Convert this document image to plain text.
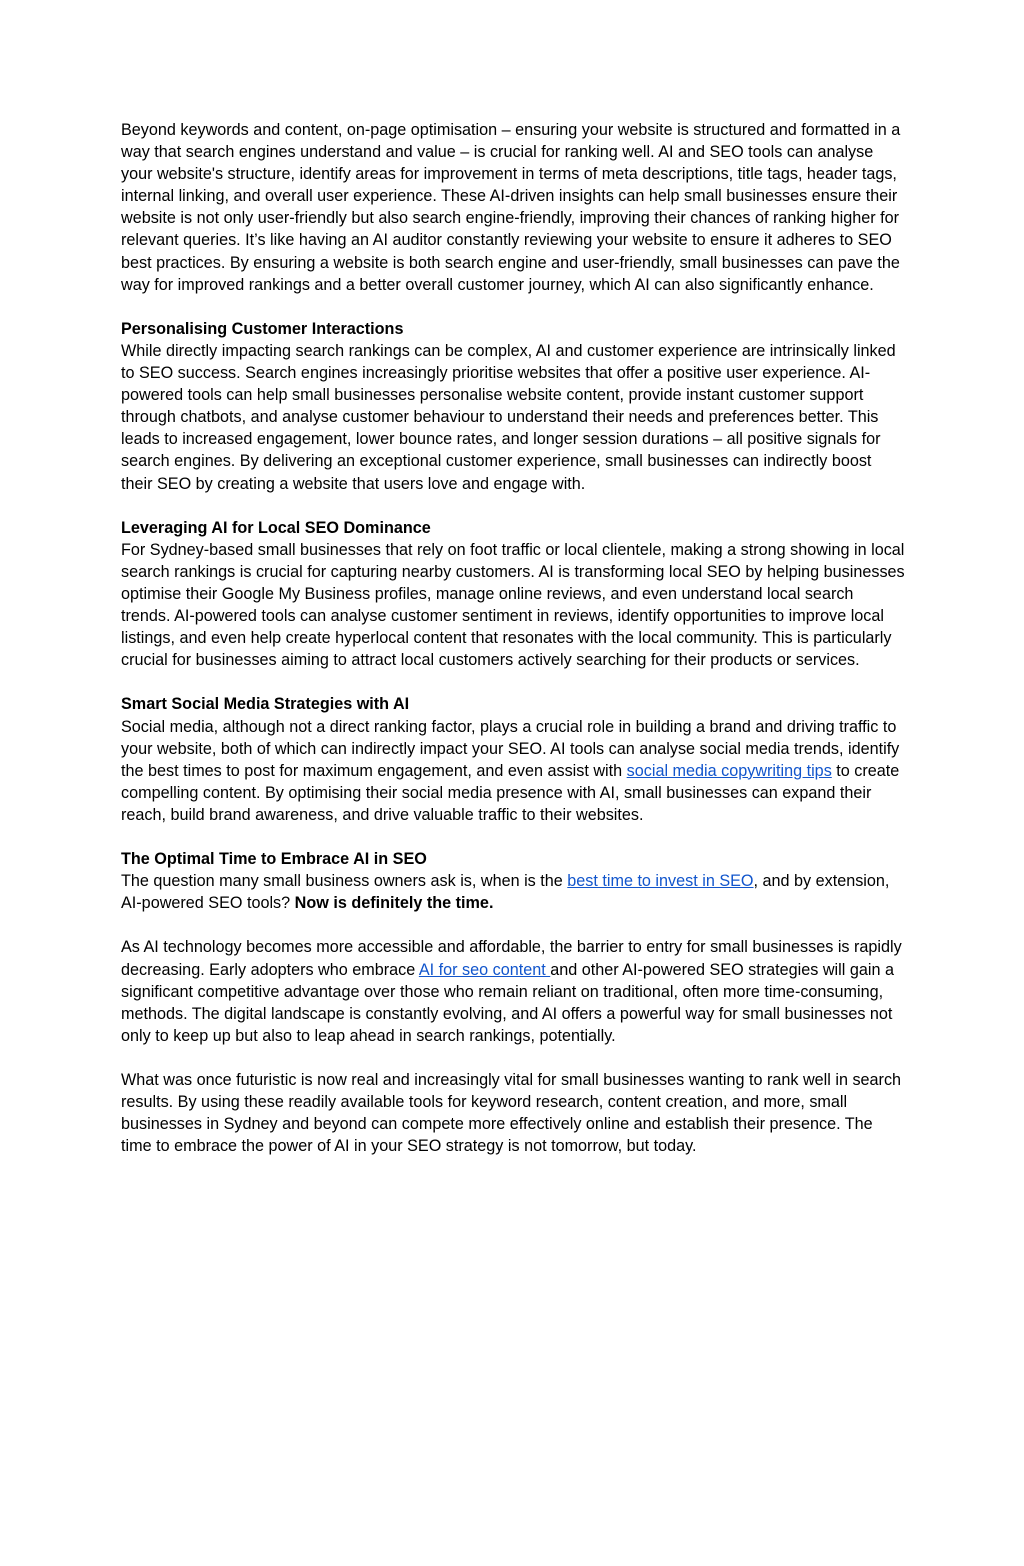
Beyond keywords and content, on-page optimisation – ensuring your website is structured and formatted in a way that search engines understand and value – is crucial for ranking well. AI and SEO tools can analyse your website's structure, identify areas for improvement in terms of meta descriptions, title tags, header tags, internal linking, and overall user experience. These AI-driven insights can help small businesses ensure their website is not only user-friendly but also search engine-friendly, improving their chances of ranking higher for relevant queries. It’s like having an AI auditor constantly reviewing your website to ensure it adheres to SEO best practices. By ensuring a website is both search engine and user-friendly, small businesses can pave the way for improved rankings and a better overall customer journey, which AI can also significantly enhance.

Personalising Customer Interactions

While directly impacting search rankings can be complex, AI and customer experience are intrinsically linked to SEO success. Search engines increasingly prioritise websites that offer a positive user experience. AI-powered tools can help small businesses personalise website content, provide instant customer support through chatbots, and analyse customer behaviour to understand their needs and preferences better. This leads to increased engagement, lower bounce rates, and longer session durations – all positive signals for search engines. By delivering an exceptional customer experience, small businesses can indirectly boost their SEO by creating a website that users love and engage with.

Leveraging AI for Local SEO Dominance

For Sydney-based small businesses that rely on foot traffic or local clientele, making a strong showing in local search rankings is crucial for capturing nearby customers. AI is transforming local SEO by helping businesses optimise their Google My Business profiles, manage online reviews, and even understand local search trends. AI-powered tools can analyse customer sentiment in reviews, identify opportunities to improve local listings, and even help create hyperlocal content that resonates with the local community. This is particularly crucial for businesses aiming to attract local customers actively searching for their products or services.

Smart Social Media Strategies with AI

Social media, although not a direct ranking factor, plays a crucial role in building a brand and driving traffic to your website, both of which can indirectly impact your SEO. AI tools can analyse social media trends, identify the best times to post for maximum engagement, and even assist with social media copywriting tips to create compelling content. By optimising their social media presence with AI, small businesses can expand their reach, build brand awareness, and drive valuable traffic to their websites.

The Optimal Time to Embrace AI in SEO

The question many small business owners ask is, when is the best time to invest in SEO, and by extension, AI-powered SEO tools? Now is definitely the time.

As AI technology becomes more accessible and affordable, the barrier to entry for small businesses is rapidly decreasing. Early adopters who embrace AI for seo content and other AI-powered SEO strategies will gain a significant competitive advantage over those who remain reliant on traditional, often more time-consuming, methods. The digital landscape is constantly evolving, and AI offers a powerful way for small businesses not only to keep up but also to leap ahead in search rankings, potentially.

What was once futuristic is now real and increasingly vital for small businesses wanting to rank well in search results. By using these readily available tools for keyword research, content creation, and more, small businesses in Sydney and beyond can compete more effectively online and establish their presence. The time to embrace the power of AI in your SEO strategy is not tomorrow, but today.
